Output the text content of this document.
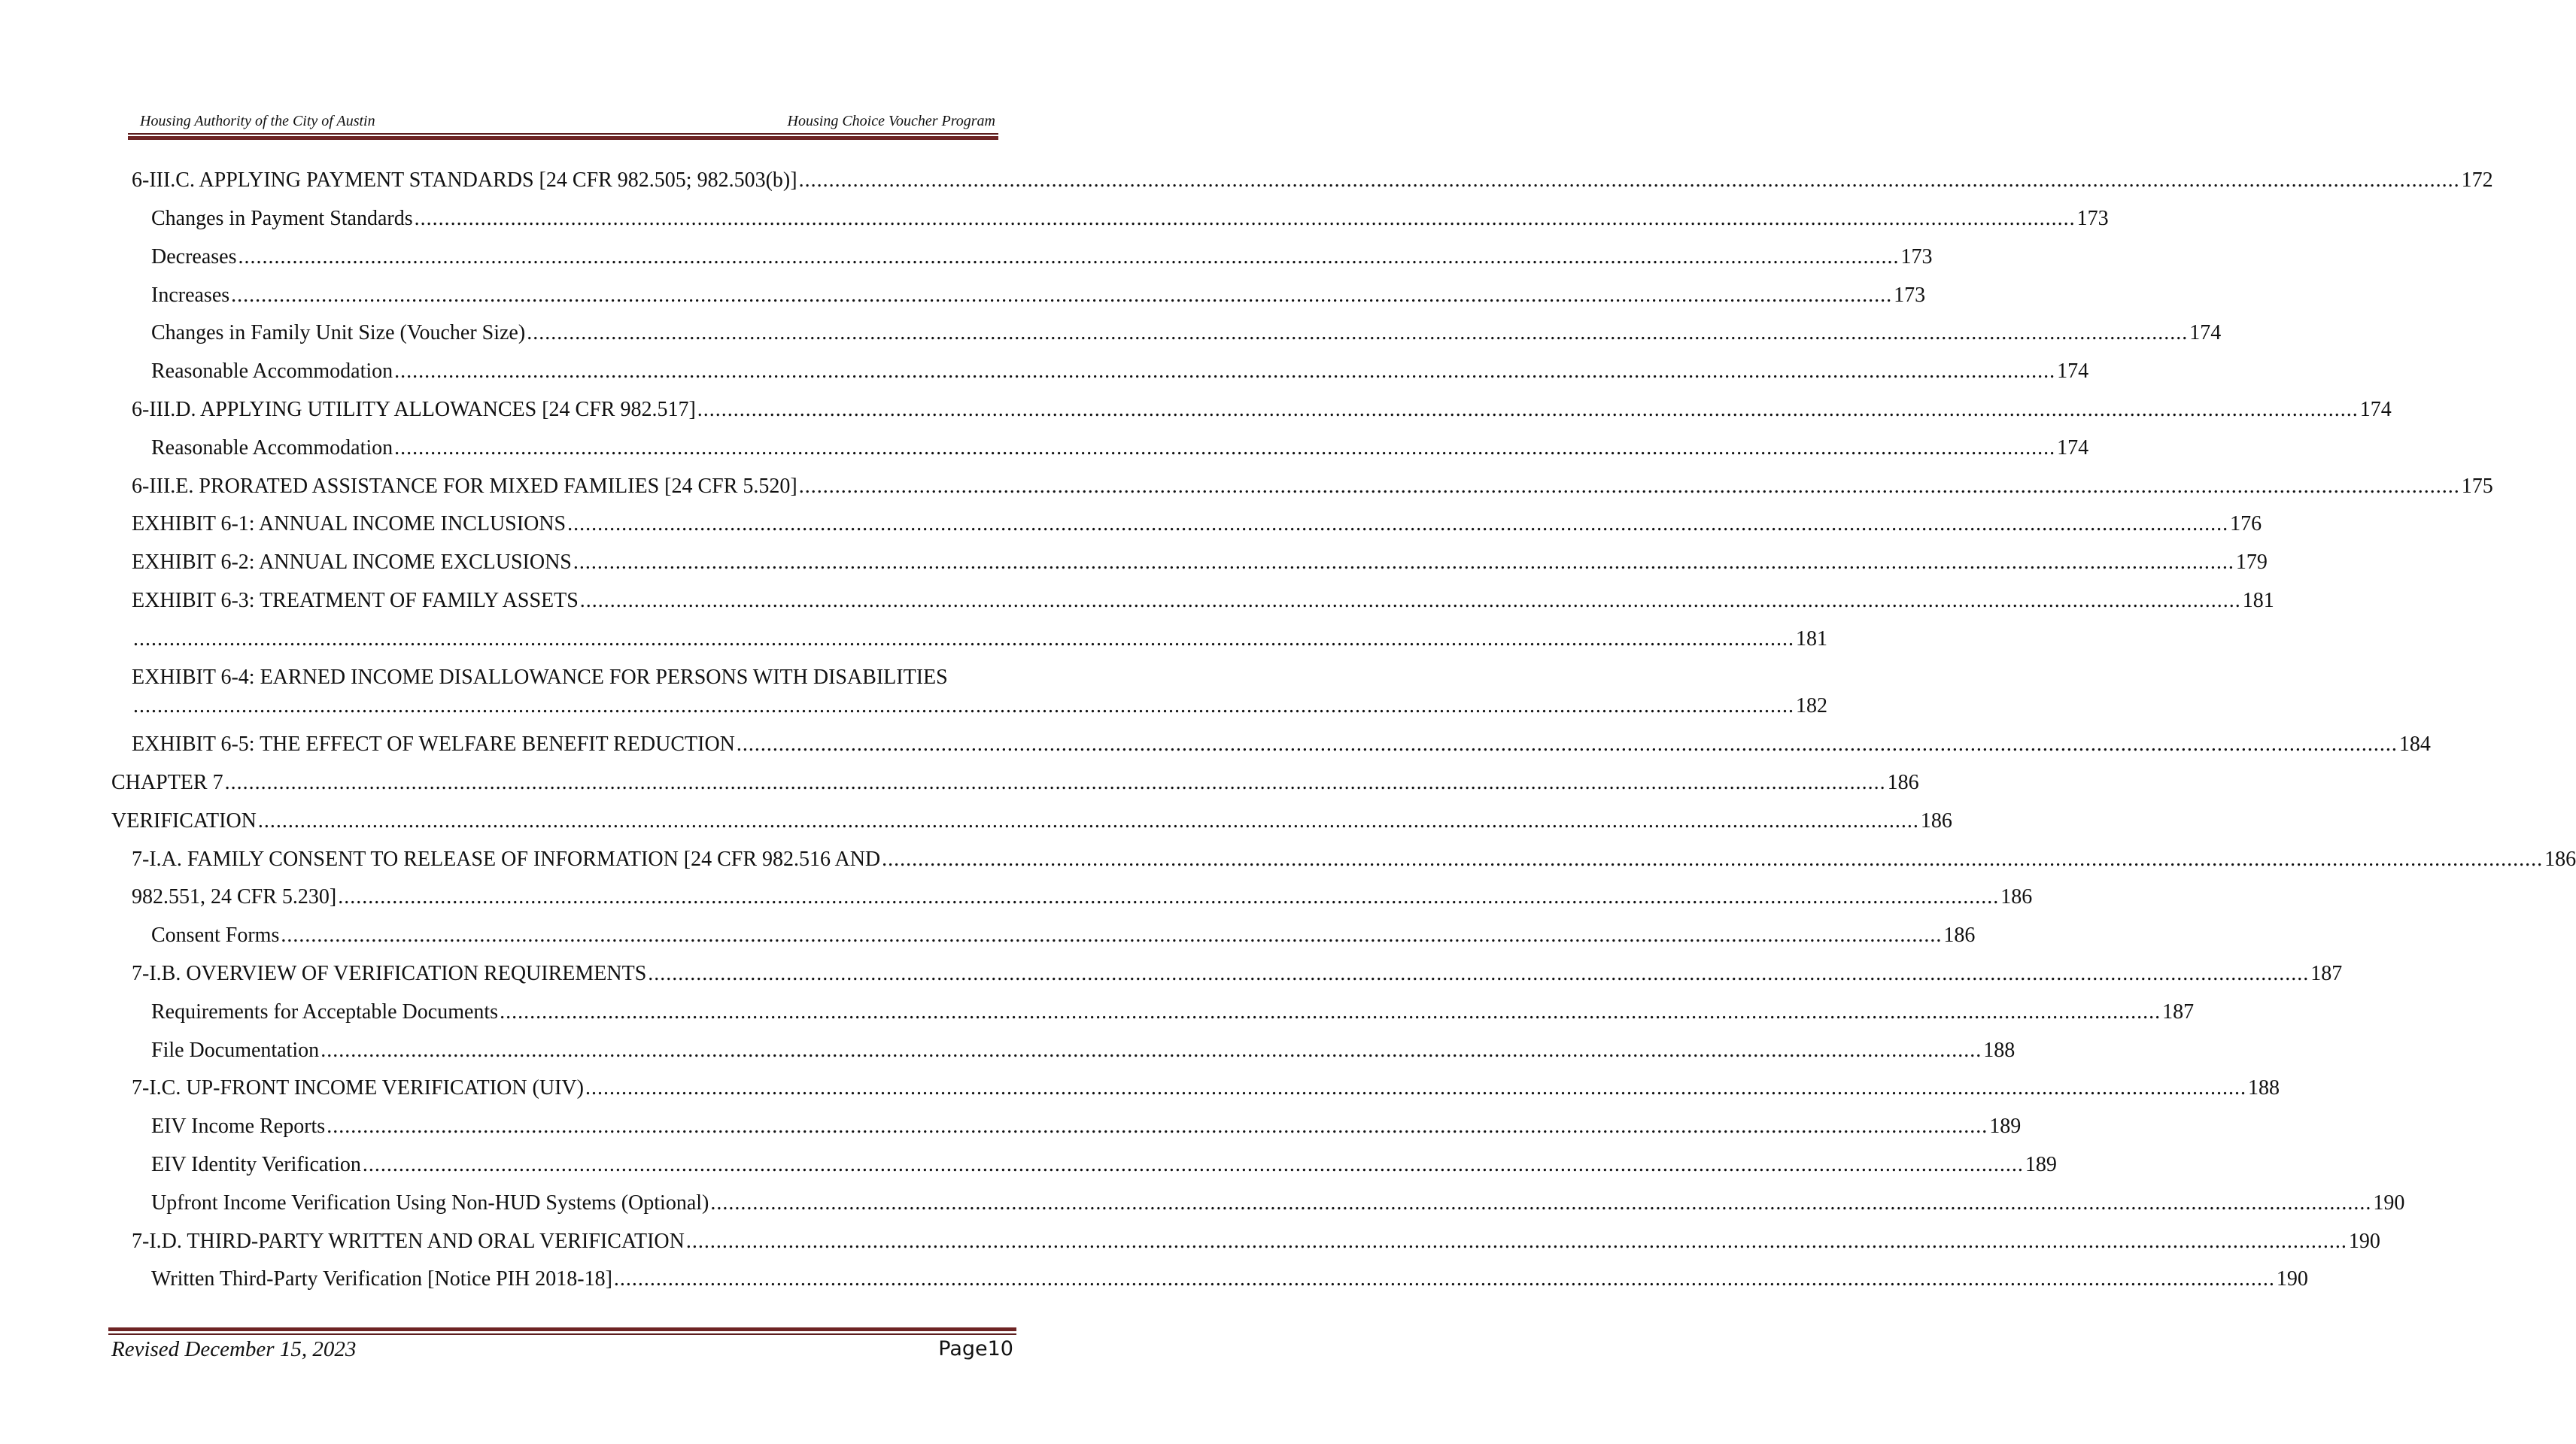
Housing Authority of the City of Austin	Housing Choice Voucher Program
6-III.C. APPLYING PAYMENT STANDARDS [24 CFR 982.505; 982.503(b)] .................................................................................................................................................................................................................................................................................... 172
Changes in Payment Standards .................................................................................................................................................................................................................................................................................... 173
Decreases .................................................................................................................................................................................................................................................................................... 173
Increases .................................................................................................................................................................................................................................................................................... 173
Changes in Family Unit Size (Voucher Size) .................................................................................................................................................................................................................................................................................... 174
Reasonable Accommodation .................................................................................................................................................................................................................................................................................... 174
6-III.D. APPLYING UTILITY ALLOWANCES [24 CFR 982.517] .................................................................................................................................................................................................................................................................................... 174
Reasonable Accommodation .................................................................................................................................................................................................................................................................................... 174
6-III.E. PRORATED ASSISTANCE FOR MIXED FAMILIES [24 CFR 5.520] .................................................................................................................................................................................................................................................................................... 175
EXHIBIT 6-1: ANNUAL INCOME INCLUSIONS .................................................................................................................................................................................................................................................................................... 176
EXHIBIT 6-2: ANNUAL INCOME EXCLUSIONS .................................................................................................................................................................................................................................................................................... 179
EXHIBIT 6-3: TREATMENT OF FAMILY ASSETS .................................................................................................................................................................................................................................................................................... 181
.................................................................................................................................................................................................................................................................................... 181
EXHIBIT 6-4: EARNED INCOME DISALLOWANCE FOR PERSONS WITH DISABILITIES
.................................................................................................................................................................................................................................................................................... 182
EXHIBIT 6-5: THE EFFECT OF WELFARE BENEFIT REDUCTION .................................................................................................................................................................................................................................................................................... 184
CHAPTER 7 .................................................................................................................................................................................................................................................................................... 186
VERIFICATION .................................................................................................................................................................................................................................................................................... 186
7-I.A. FAMILY CONSENT TO RELEASE OF INFORMATION [24 CFR 982.516 AND .................................................................................................................................................................................................................................................................................... 186
982.551, 24 CFR 5.230] .................................................................................................................................................................................................................................................................................... 186
Consent Forms .................................................................................................................................................................................................................................................................................... 186
7-I.B. OVERVIEW OF VERIFICATION REQUIREMENTS .................................................................................................................................................................................................................................................................................... 187
Requirements for Acceptable Documents .................................................................................................................................................................................................................................................................................... 187
File Documentation .................................................................................................................................................................................................................................................................................... 188
7-I.C. UP-FRONT INCOME VERIFICATION (UIV) .................................................................................................................................................................................................................................................................................... 188
EIV Income Reports .................................................................................................................................................................................................................................................................................... 189
EIV Identity Verification .................................................................................................................................................................................................................................................................................... 189
Upfront Income Verification Using Non-HUD Systems (Optional) .................................................................................................................................................................................................................................................................................... 190
7-I.D. THIRD-PARTY WRITTEN AND ORAL VERIFICATION .................................................................................................................................................................................................................................................................................... 190
Written Third-Party Verification [Notice PIH 2018-18] .................................................................................................................................................................................................................................................................................... 190
Revised December 15, 2023	Page10
